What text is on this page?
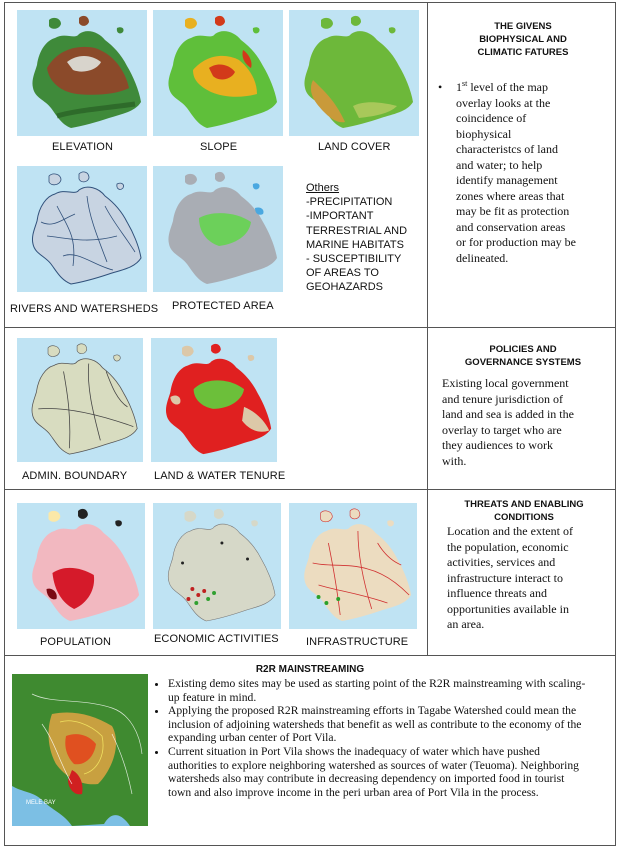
ELEVATION	SLOPE	LAND COVER
RIVERS AND WATERSHEDS PROTECTED AREA
Others
-PRECIPITATION
-IMPORTANT
TERRESTRIAL AND
MARINE HABITATS
- SUSCEPTIBILITY
OF AREAS TO
GEOHAZARDS
THE GIVENS
BIOPHYSICAL AND
CLIMATIC FATURES
•	1st level of the map overlay looks at the coincidence of biophysical characteristcs of land and water; to help identify management zones where areas that may be fit as protection and conservation areas or for production may be delineated.
ADMIN. BOUNDARY LAND & WATER TENURE
POLICIES AND
GOVERNANCE SYSTEMS
Existing local government and tenure jurisdiction of land and sea is added in the overlay to target who are they audiences to work with.
POPULATION	ECONOMIC ACTIVITIES INFRASTRUCTURE
THREATS AND ENABLING
CONDITIONS
Location and the extent of the population, economic activities, services and infrastructure interact to influence threats and opportunities available in an area.
R2R MAINSTREAMING
MELE BAY
• Existing demo sites may be used as starting point of the R2R mainstreaming with scaling-up feature in mind.
• Applying the proposed R2R mainstreaming efforts in Tagabe Watershed could mean the inclusion of adjoining watersheds that benefit as well as contribute to the economy of the expanding urban center of Port Vila.
• Current situation in Port Vila shows the inadequacy of water which have pushed authorities to explore neighboring watershed as sources of water (Teuoma). Neighboring watersheds also may contribute in decreasing dependency on imported food in tourist town and also improve income in the peri urban area of Port Vila in the process.
